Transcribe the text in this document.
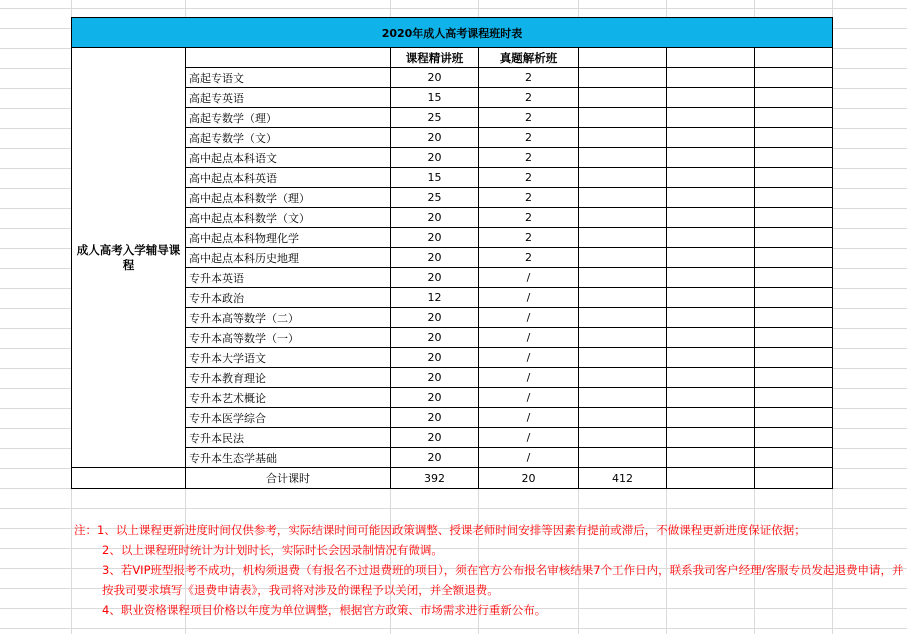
2020年成人高考课程班时表						
成人高考入学辅导课程		课程精讲班	真题解析班			
	高起专语文	20	2			
	高起专英语	15	2			
	高起专数学（理）	25	2			
	高起专数学（文）	20	2			
	高中起点本科语文	20	2			
	高中起点本科英语	15	2			
	高中起点本科数学（理）	25	2			
	高中起点本科数学（文）	20	2			
	高中起点本科物理化学	20	2			
	高中起点本科历史地理	20	2			
	专升本英语	20	/			
	专升本政治	12	/			
	专升本高等数学（二）	20	/			
	专升本高等数学（一）	20	/			
	专升本大学语文	20	/			
	专升本教育理论	20	/			
	专升本艺术概论	20	/			
	专升本医学综合	20	/			
	专升本民法	20	/			
	专升本生态学基础	20	/			
	合计课时	392	20	412		

注：1、以上课程更新进度时间仅供参考，实际结课时间可能因政策调整、授课老师时间安排等因素有提前或滞后，不做课程更新进度保证依据；

2、以上课程班时统计为计划时长，实际时长会因录制情况有微调。

3、若VIP班型报考不成功，机构须退费（有报名不过退费班的项目），须在官方公布报名审核结果7个工作日内，联系我司客户经理/客服专员发起退费申请，并按我司要求填写《退费申请表》，我司将对涉及的课程予以关闭，并全额退费。

4、职业资格课程项目价格以年度为单位调整，根据官方政策、市场需求进行重新公布。
